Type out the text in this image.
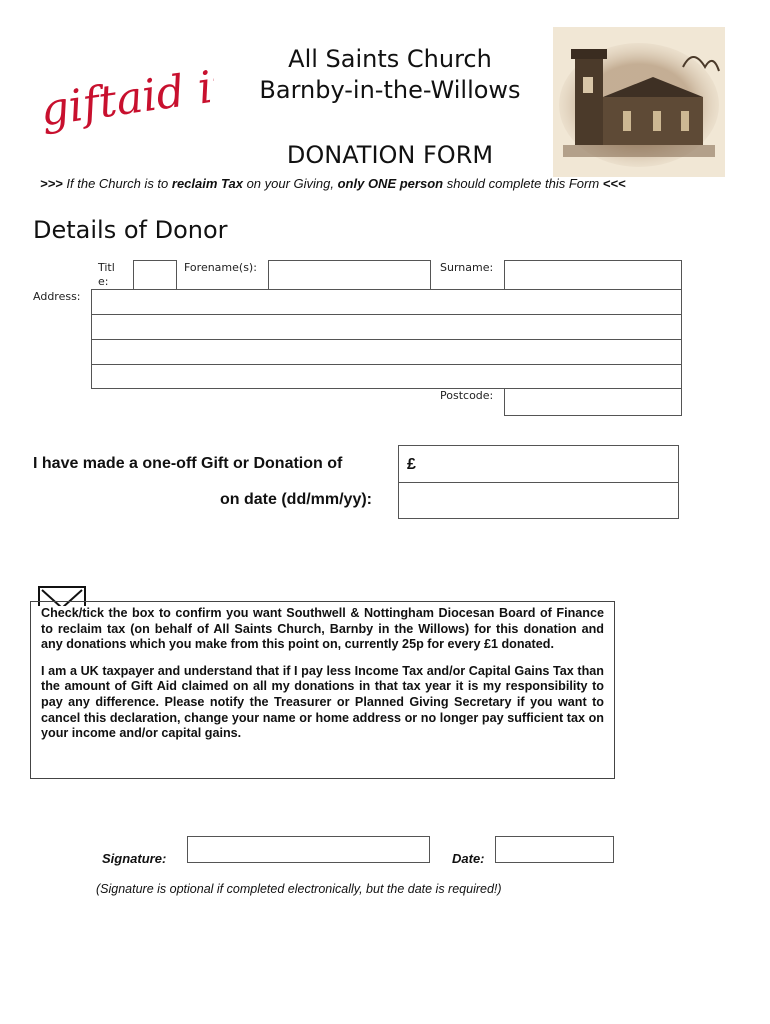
giftaid it
All Saints Church
Barnby-in-the-Willows
DONATION FORM
>>> If the Church is to reclaim Tax on your Giving, only ONE person should complete this Form <<<
Details of Donor
Title:
Forename(s):	Surname:
Address:
Postcode:
I have made a one-off Gift or Donation of	£
on date (dd/mm/yy):

Check/tick the box to confirm you want Southwell & Nottingham Diocesan Board of Finance to reclaim tax (on behalf of All Saints Church, Barnby in the Willows) for this donation and any donations which you make from this point on, currently 25p for every £1 donated.

I am a UK taxpayer and understand that if I pay less Income Tax and/or Capital Gains Tax than the amount of Gift Aid claimed on all my donations in that tax year it is my responsibility to pay any difference. Please notify the Treasurer or Planned Giving Secretary if you want to cancel this declaration, change your name or home address or no longer pay sufficient tax on your income and/or capital gains.

Signature:	Date:
(Signature is optional if completed electronically, but the date is required!)
